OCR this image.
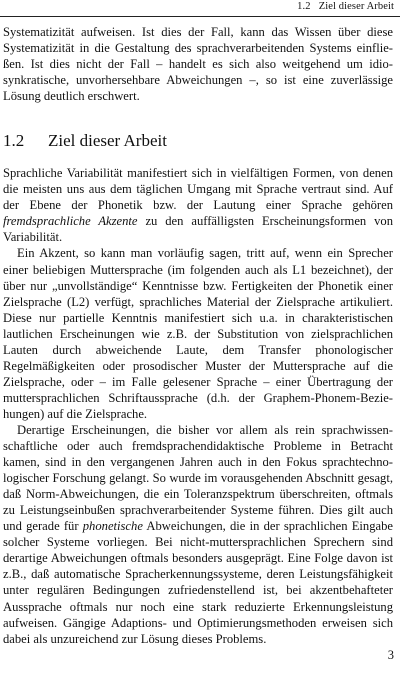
1.2   Ziel dieser Arbeit

Systematizität aufweisen. Ist dies der Fall, kann das Wissen über diese Systematizität in die Gestaltung des sprachverarbeitenden Systems einfließen. Ist dies nicht der Fall – handelt es sich also weitgehend um idiosynkratische, unvorhersehbare Abweichungen –, so ist eine zuverlässige Lösung deutlich erschwert.

1.2 Ziel dieser Arbeit

Sprachliche Variabilität manifestiert sich in vielfältigen Formen, von denen die meisten uns aus dem täglichen Umgang mit Sprache vertraut sind. Auf der Ebene der Phonetik bzw. der Lautung einer Sprache gehören fremdsprachliche Akzente zu den auffälligsten Erscheinungsformen von Variabilität.

Ein Akzent, so kann man vorläufig sagen, tritt auf, wenn ein Sprecher einer beliebigen Muttersprache (im folgenden auch als L1 bezeichnet), der über nur „unvollständige“ Kenntnisse bzw. Fertigkeiten der Phonetik einer Zielsprache (L2) verfügt, sprachliches Material der Zielsprache artikuliert. Diese nur partielle Kenntnis manifestiert sich u.a. in charakteristischen lautlichen Erscheinungen wie z.B. der Substitution von zielsprachlichen Lauten durch abweichende Laute, dem Transfer phonologischer Regelmäßigkeiten oder prosodischer Muster der Muttersprache auf die Zielsprache, oder – im Falle gelesener Sprache – einer Übertragung der muttersprachlichen Schriftaussprache (d.h. der Graphem-Phonem-Beziehungen) auf die Zielsprache.

Derartige Erscheinungen, die bisher vor allem als rein sprachwissenschaftliche oder auch fremdsprachendidaktische Probleme in Betracht kamen, sind in den vergangenen Jahren auch in den Fokus sprachtechnologischer Forschung gelangt. So wurde im vorausgehenden Abschnitt gesagt, daß Norm-Abweichungen, die ein Toleranzspektrum überschreiten, oftmals zu Leistungseinbußen sprachverarbeitender Systeme führen. Dies gilt auch und gerade für phonetische Abweichungen, die in der sprachlichen Eingabe solcher Systeme vorliegen. Bei nicht-muttersprachlichen Sprechern sind derartige Abweichungen oftmals besonders ausgeprägt. Eine Folge davon ist z.B., daß automatische Spracherkennungssysteme, deren Leistungsfähigkeit unter regulären Bedingungen zufriedenstellend ist, bei akzentbehafteter Aussprache oftmals nur noch eine stark reduzierte Erkennungsleistung aufweisen. Gängige Adaptions- und Optimierungsmethoden erweisen sich dabei als unzureichend zur Lösung dieses Problems.

3
